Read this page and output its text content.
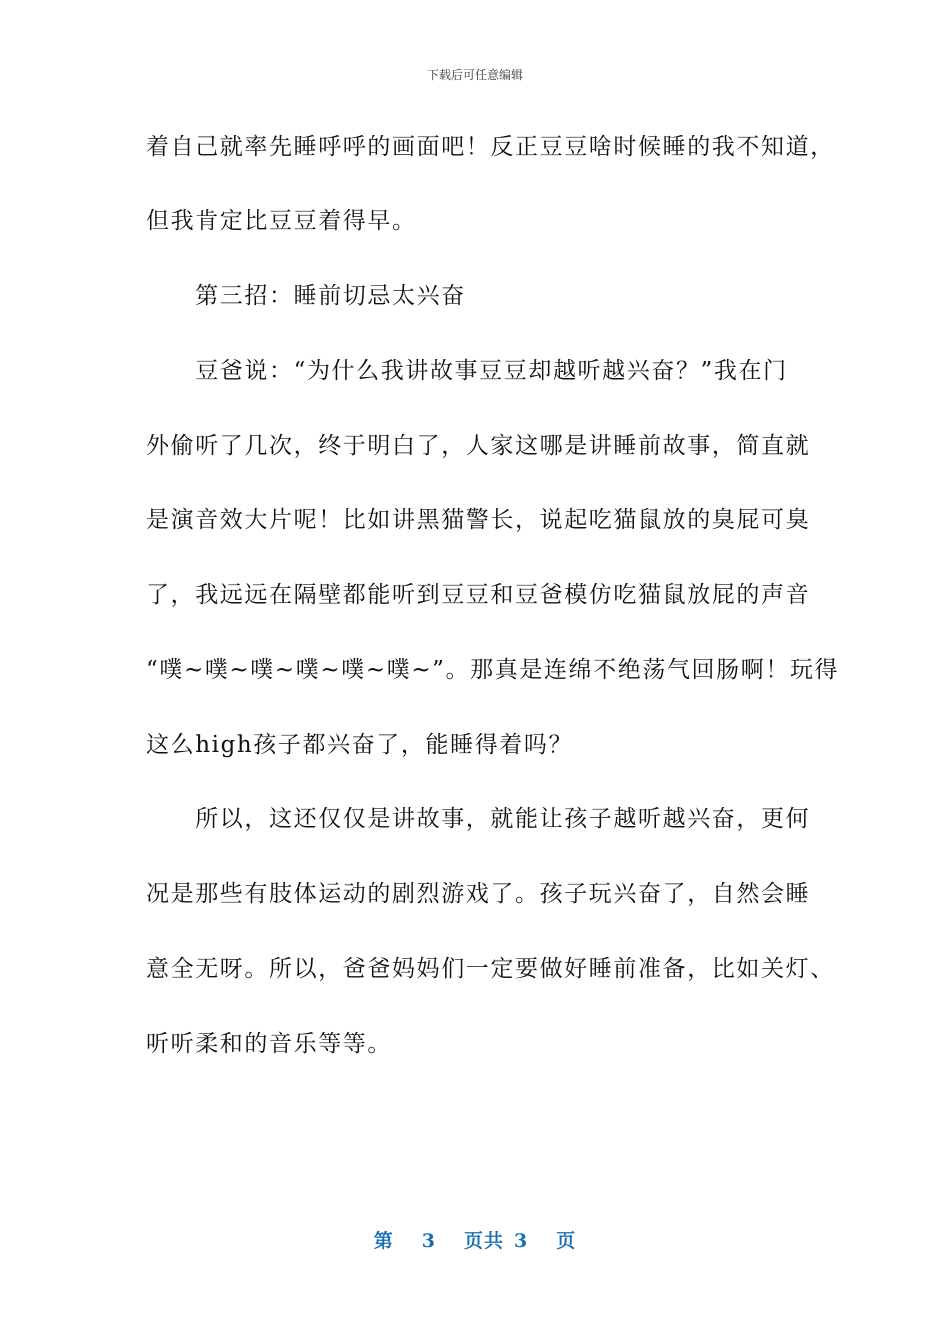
下载后可任意编辑
着自己就率先睡呼呼的画面吧！反正豆豆啥时候睡的我不知道，
但我肯定比豆豆着得早。
　　第三招：睡前切忌太兴奋
　　豆爸说：“为什么我讲故事豆豆却越听越兴奋？”我在门
外偷听了几次，终于明白了，人家这哪是讲睡前故事，简直就
是演音效大片呢！比如讲黑猫警长，说起吃猫鼠放的臭屁可臭
了，我远远在隔壁都能听到豆豆和豆爸模仿吃猫鼠放屁的声音
“噗~噗~噗~噗~噗~噗~”。那真是连绵不绝荡气回肠啊！玩得
这么high孩子都兴奋了，能睡得着吗？
　　所以，这还仅仅是讲故事，就能让孩子越听越兴奋，更何
况是那些有肢体运动的剧烈游戏了。孩子玩兴奋了，自然会睡
意全无呀。所以，爸爸妈妈们一定要做好睡前准备，比如关灯、
听听柔和的音乐等等。
第 3 页共 3 页
